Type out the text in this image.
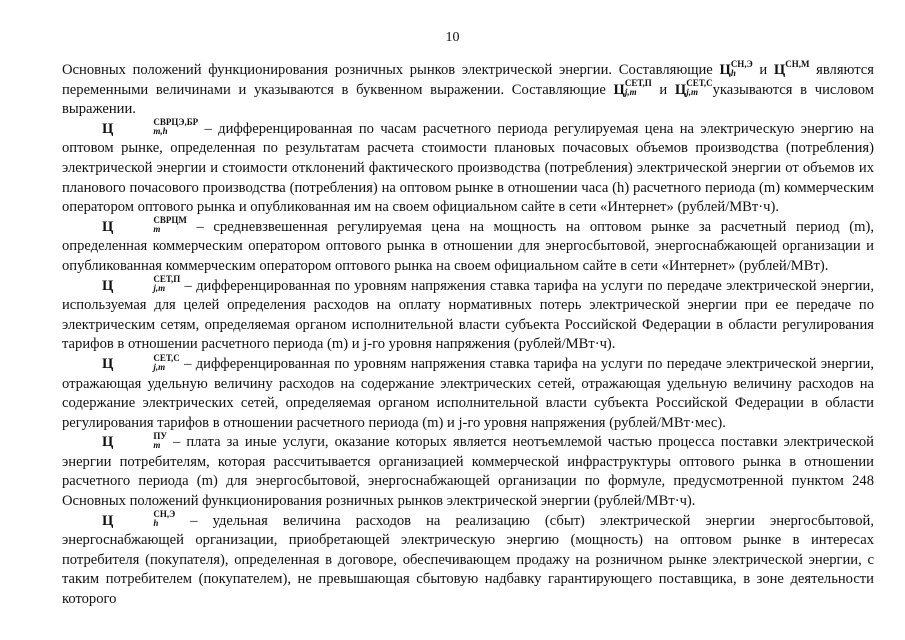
10

Основных положений функционирования розничных рынков электрической энергии. Составляющие Ц СН,Э
h	и Ц СН,М
являются переменными величинами и указываются в буквенном выражении. Составляющие Ц СЕТ,П
j,m	и Ц СЕТ,С
j,m указываются в числовом выражении.

Ц	СВРЦЭ,БР
m,h	– дифференцированная по часам расчетного периода регулируемая цена на электрическую энергию на оптовом рынке, определенная по результатам расчета стоимости плановых почасовых объемов производства (потребления) электрической энергии и стоимости отклонений фактического производства (потребления) электрической энергии от объемов их планового почасового производства (потребления) на оптовом рынке в отношении часа (h) расчетного периода (m) коммерческим оператором оптового рынка и опубликованная им на своем официальном сайте в сети «Интернет» (рублей/МВт·ч).

Ц	СВРЦМ
m	– средневзвешенная регулируемая цена на мощность на оптовом рынке за расчетный период (m), определенная коммерческим оператором оптового рынка в отношении для энергосбытовой, энергоснабжающей организации и опубликованная коммерческим оператором оптового рынка на своем официальном сайте в сети «Интернет» (рублей/МВт).

Ц	СЕТ,П
j,m	– дифференцированная по уровням напряжения ставка тарифа на услуги по передаче электрической энергии, используемая для целей определения расходов на оплату нормативных потерь электрической энергии при ее передаче по электрическим сетям, определяемая органом исполнительной власти субъекта Российской Федерации в области регулирования тарифов в отношении расчетного периода (m) и j-го уровня напряжения (рублей/МВт·ч).

Ц	СЕТ,С
j,m – дифференцированная по уровням напряжения ставка тарифа на услуги по передаче электрической энергии, отражающая удельную величину расходов на содержание электрических сетей, отражающая удельную величину расходов на содержание электрических сетей, определяемая органом исполнительной власти субъекта Российской Федерации в области регулирования тарифов в отношении расчетного периода (m) и j-го уровня напряжения (рублей/МВт·мес).

Ц	ПУ
m – плата за иные услуги, оказание которых является неотъемлемой частью процесса поставки электрической энергии потребителям, которая рассчитывается организацией коммерческой инфраструктуры оптового рынка в отношении расчетного периода (m) для энергосбытовой, энергоснабжающей организации по формуле, предусмотренной пунктом 248 Основных положений функционирования розничных рынков электрической энергии (рублей/МВт·ч).

Ц	СН,Э
h	– удельная величина расходов на реализацию (сбыт) электрической энергии энергосбытовой, энергоснабжающей организации, приобретающей электрическую энергию (мощность) на оптовом рынке в интересах потребителя (покупателя), определенная в договоре, обеспечивающем продажу на розничном рынке электрической энергии, с таким потребителем (покупателем), не превышающая сбытовую надбавку гарантирующего поставщика, в зоне деятельности которого
